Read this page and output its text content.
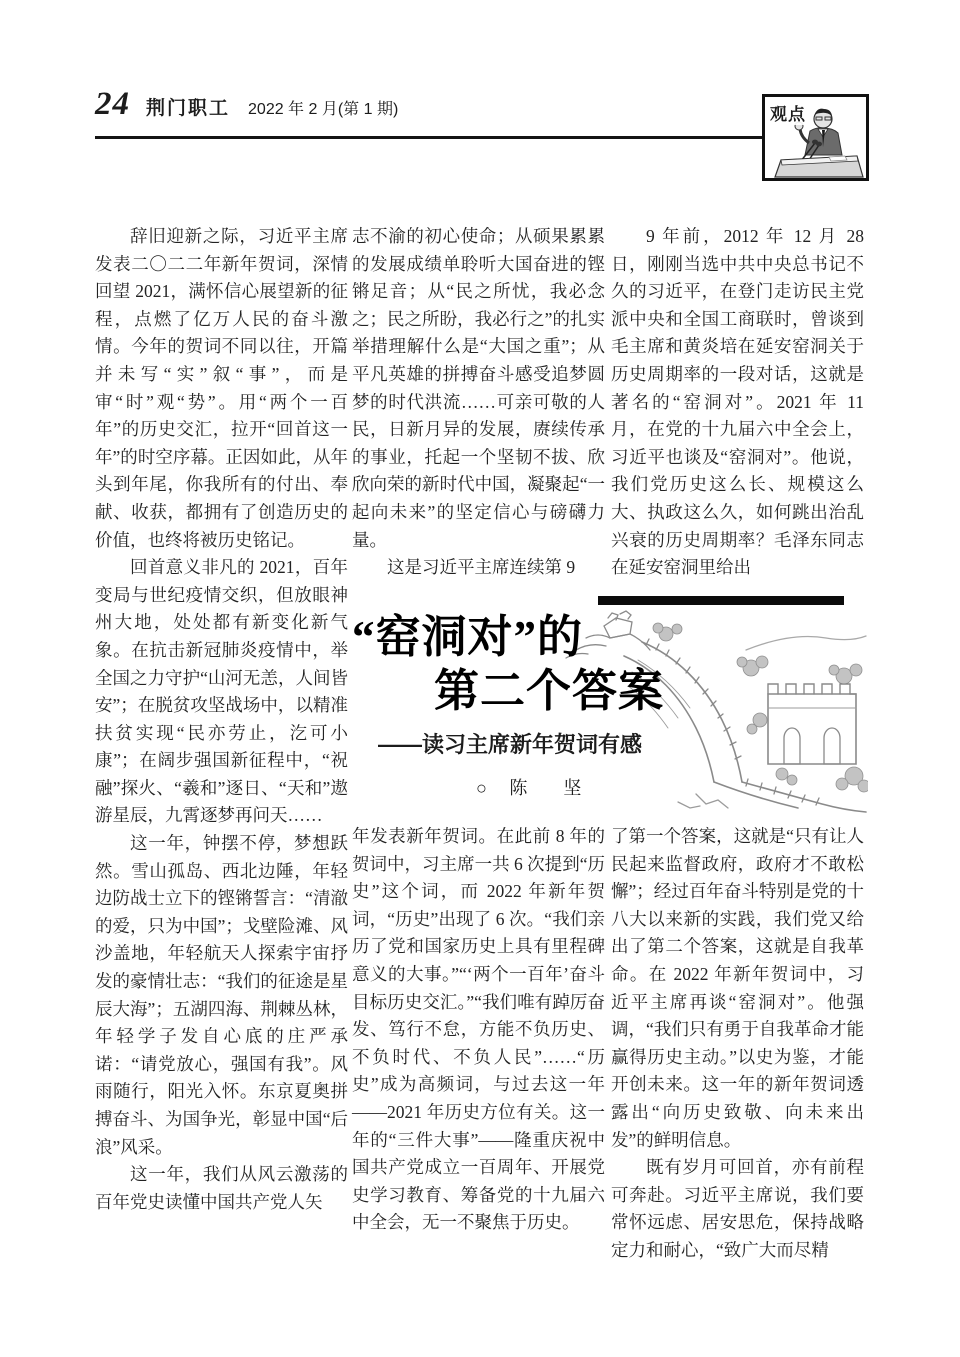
24 荆门职工 2022 年 2 月(第 1 期)	观点

辞旧迎新之际，习近平主席发表二〇二二年新年贺词，深情回望 2021，满怀信心展望新的征程，点燃了亿万人民的奋斗激情。今年的贺词不同以往，开篇并未写“实”叙“事”，而是审“时”观“势”。用“两个一百年”的历史交汇，拉开“回首这一年”的时空序幕。正因如此，从年头到年尾，你我所有的付出、奉献、收获，都拥有了创造历史的价值，也终将被历史铭记。

回首意义非凡的 2021，百年变局与世纪疫情交织，但放眼神州大地，处处都有新变化新气象。在抗击新冠肺炎疫情中，举全国之力守护“山河无恙，人间皆安”；在脱贫攻坚战场中，以精准扶贫实现“民亦劳止，汔可小康”；在阔步强国新征程中，“祝融”探火、“羲和”逐日、“天和”遨游星辰，九霄逐梦再问天……

这一年，钟摆不停，梦想跃然。雪山孤岛、西北边陲，年轻边防战士立下的铿锵誓言：“清澈的爱，只为中国”；戈壁险滩、风沙盖地，年轻航天人探索宇宙抒发的豪情壮志：“我们的征途是星辰大海”；五湖四海、荆棘丛林，年轻学子发自心底的庄严承诺：“请党放心，强国有我”。风雨随行，阳光入怀。东京夏奥拼搏奋斗、为国争光，彰显中国“后浪”风采。

这一年，我们从风云激荡的百年党史读懂中国共产党人矢

志不渝的初心使命；从硕果累累的发展成绩单聆听大国奋进的铿锵足音；从“民之所忧，我必念之；民之所盼，我必行之”的扎实举措理解什么是“大国之重”；从平凡英雄的拼搏奋斗感受追梦圆梦的时代洪流……可亲可敬的人民，日新月异的发展，赓续传承的事业，托起一个坚韧不拔、欣欣向荣的新时代中国，凝聚起“一起向未来”的坚定信心与磅礴力量。

这是习近平主席连续第 9

9 年前，2012 年 12 月 28 日，刚刚当选中共中央总书记不久的习近平，在登门走访民主党派中央和全国工商联时，曾谈到毛主席和黄炎培在延安窑洞关于历史周期率的一段对话，这就是著名的“窑洞对”。2021 年 11 月，在党的十九届六中全会上，习近平也谈及“窑洞对”。他说，我们党历史这么长、规模这么大、执政这么久，如何跳出治乱兴衰的历史周期率？毛泽东同志在延安窑洞里给出

“窑洞对”的
第二个答案
——读习主席新年贺词有感
○ 陈　坚

年发表新年贺词。在此前 8 年的贺词中，习主席一共 6 次提到“历史”这个词，而 2022 年新年贺词，“历史”出现了 6 次。“我们亲历了党和国家历史上具有里程碑意义的大事。”“‘两个一百年’奋斗目标历史交汇。”“我们唯有踔厉奋发、笃行不怠，方能不负历史、不负时代、不负人民”……“历史”成为高频词，与过去这一年——2021 年历史方位有关。这一年的“三件大事”——隆重庆祝中国共产党成立一百周年、开展党史学习教育、筹备党的十九届六中全会，无一不聚焦于历史。

了第一个答案，这就是“只有让人民起来监督政府，政府才不敢松懈”；经过百年奋斗特别是党的十八大以来新的实践，我们党又给出了第二个答案，这就是自我革命。在 2022 年新年贺词中，习近平主席再谈“窑洞对”。他强调，“我们只有勇于自我革命才能赢得历史主动。”以史为鉴，才能开创未来。这一年的新年贺词透露出“向历史致敬、向未来出发”的鲜明信息。

既有岁月可回首，亦有前程可奔赴。习近平主席说，我们要常怀远虑、居安思危，保持战略定力和耐心，“致广大而尽精
